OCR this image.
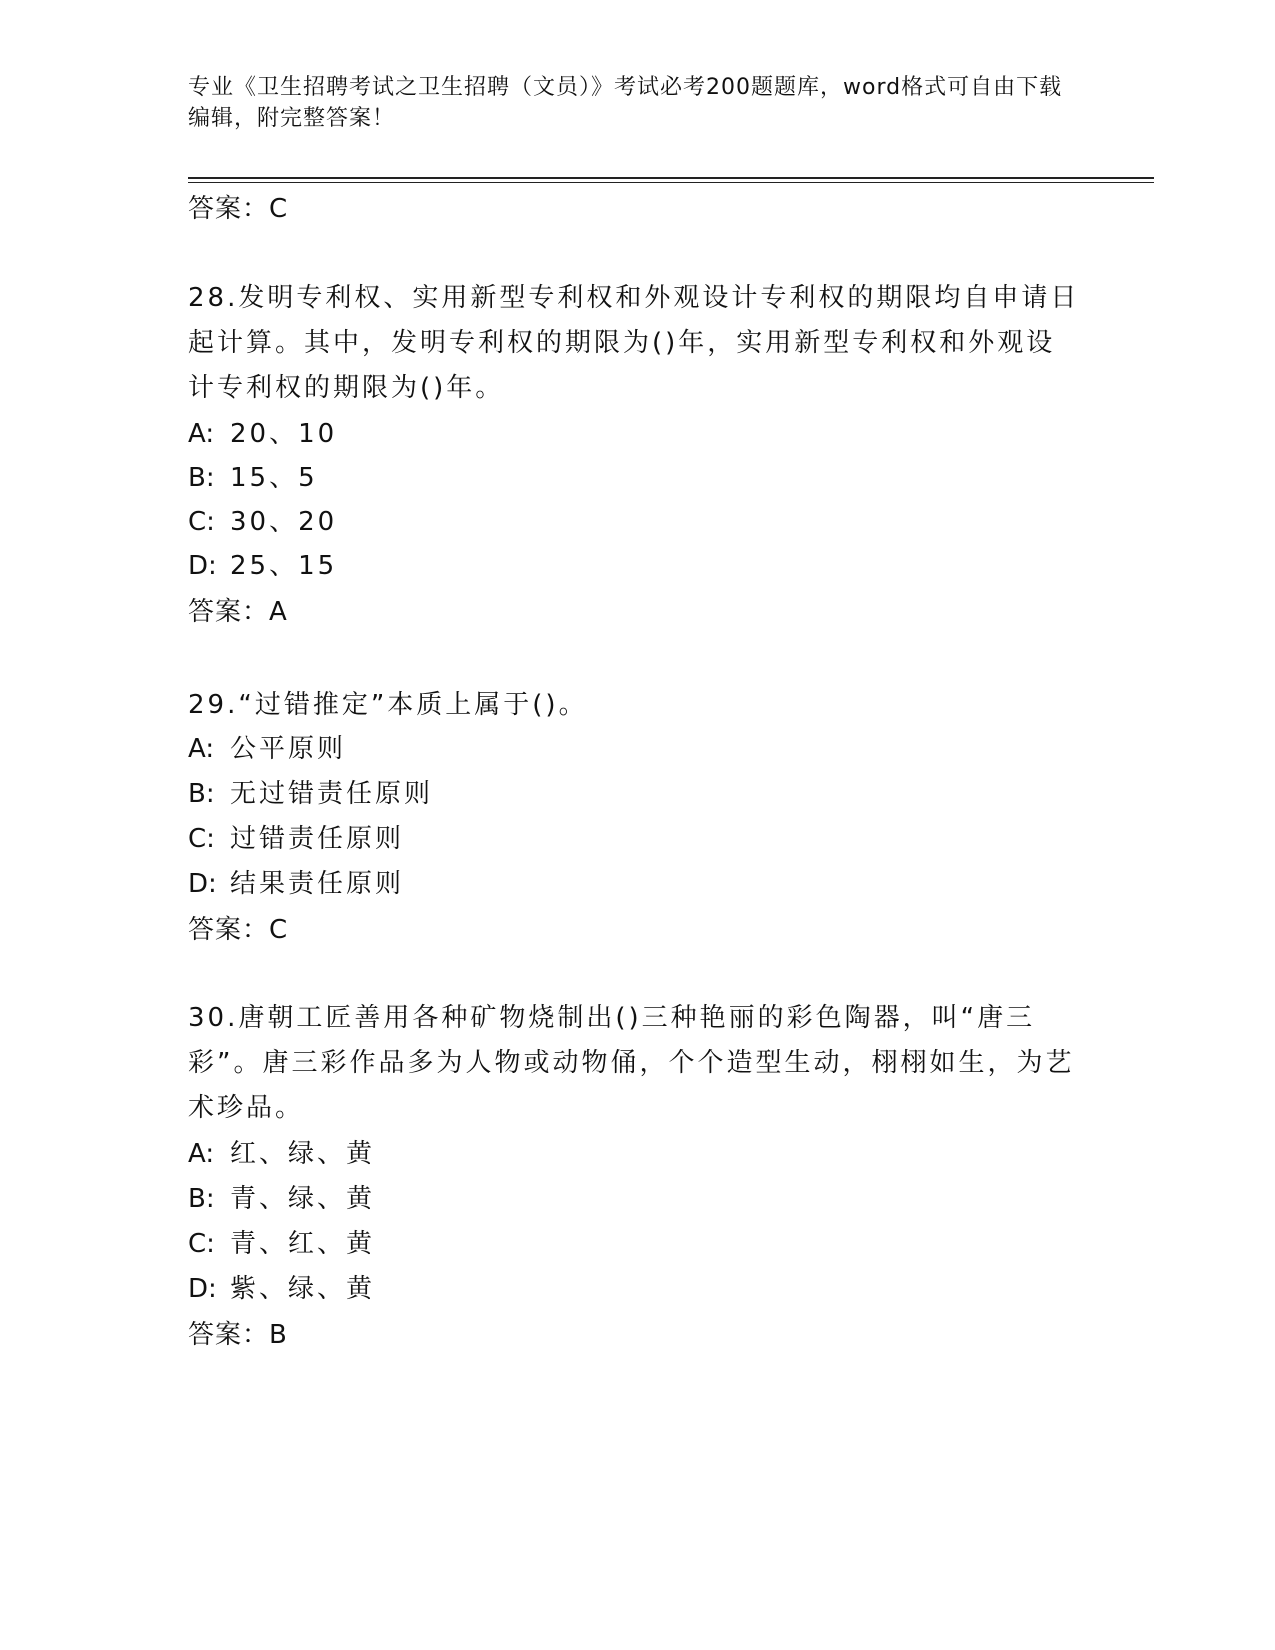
专业《卫生招聘考试之卫生招聘（文员）》考试必考200题题库，word格式可自由下载编辑，附完整答案！
答案：C
28.发明专利权、实用新型专利权和外观设计专利权的期限均自申请日起计算。其中，发明专利权的期限为()年，实用新型专利权和外观设计专利权的期限为()年。
A: 20、10
B: 15、5
C: 30、20
D: 25、15
答案：A
29.“过错推定”本质上属于()。
A: 公平原则
B: 无过错责任原则
C: 过错责任原则
D: 结果责任原则
答案：C
30.唐朝工匠善用各种矿物烧制出()三种艳丽的彩色陶器，叫“唐三彩”。唐三彩作品多为人物或动物俑，个个造型生动，栩栩如生，为艺术珍品。
A: 红、绿、黄
B: 青、绿、黄
C: 青、红、黄
D: 紫、绿、黄
答案：B
